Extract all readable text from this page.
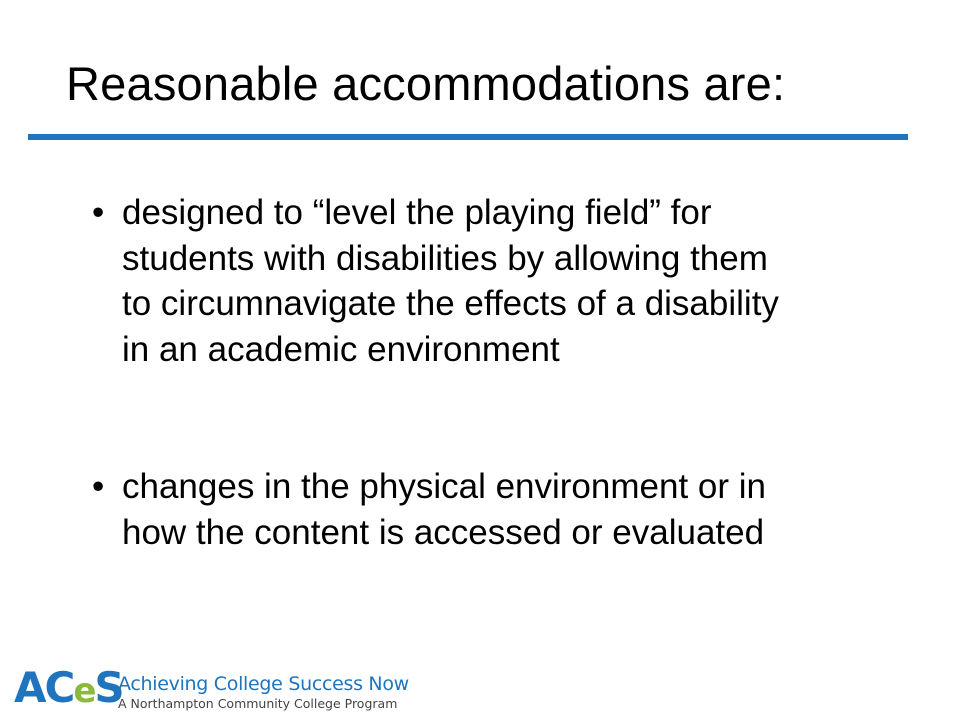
Reasonable accommodations are:
• designed to “level the playing field” for
students with disabilities by allowing them
to circumnavigate the effects of a disability
in an academic environment
• changes in the physical environment or in
how the content is accessed or evaluated
ACeS
Achieving College Success Now
A Northampton Community College Program
